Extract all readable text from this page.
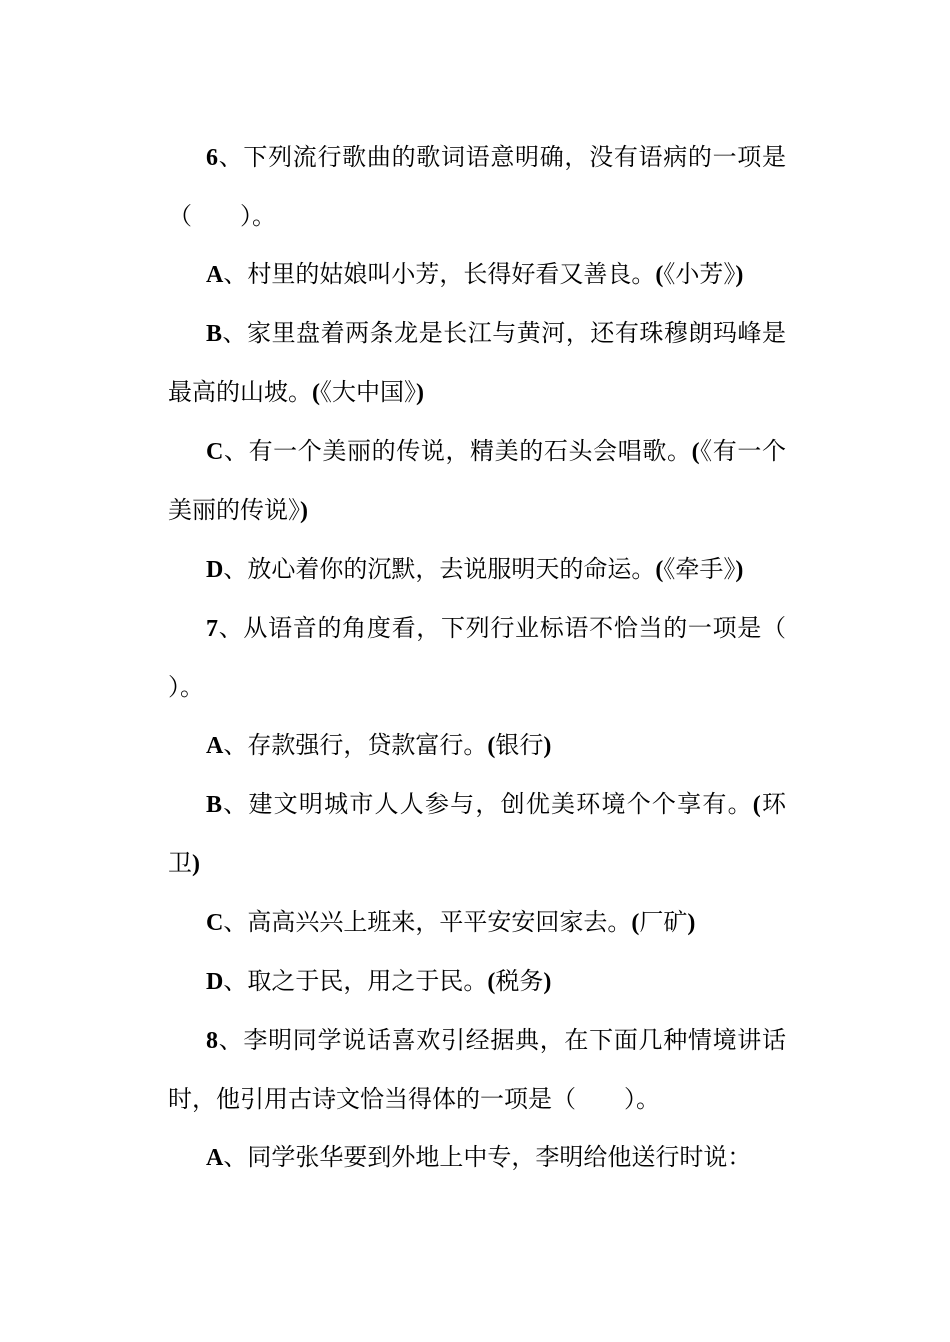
6、下列流行歌曲的歌词语意明确，没有语病的一项是（　　）。

A、村里的姑娘叫小芳，长得好看又善良。(《小芳》)

B、家里盘着两条龙是长江与黄河，还有珠穆朗玛峰是最高的山坡。(《大中国》)

C、有一个美丽的传说，精美的石头会唱歌。(《有一个美丽的传说》)

D、放心着你的沉默，去说服明天的命运。(《牵手》)

7、从语音的角度看，下列行业标语不恰当的一项是（　　）。

A、存款强行，贷款富行。(银行)

B、建文明城市人人参与，创优美环境个个享有。(环卫)

C、高高兴兴上班来，平平安安回家去。(厂矿)

D、取之于民，用之于民。(税务)

8、李明同学说话喜欢引经据典，在下面几种情境讲话时，他引用古诗文恰当得体的一项是（　　）。

A、同学张华要到外地上中专，李明给他送行时说：
